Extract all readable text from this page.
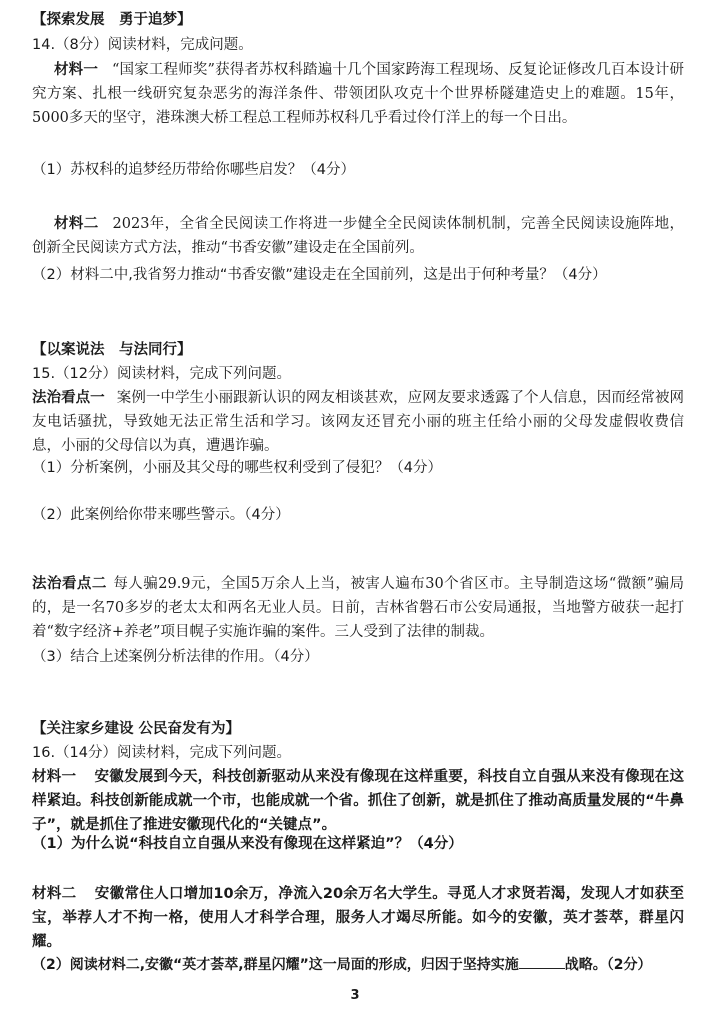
【探索发展　勇于追梦】
14.（8分）阅读材料，完成问题。
材料一 “国家工程师奖”获得者苏权科踏遍十几个国家跨海工程现场、反复论证修改几百本设计研究方案、扎根一线研究复杂恶劣的海洋条件、带领团队攻克十个世界桥隧建造史上的难题。15年，5000多天的坚守，港珠澳大桥工程总工程师苏权科几乎看过伶仃洋上的每一个日出。
（1）苏权科的追梦经历带给你哪些启发？（4分）
材料二 2023年，全省全民阅读工作将进一步健全全民阅读体制机制，完善全民阅读设施阵地，创新全民阅读方式方法，推动“书香安徽”建设走在全国前列。
（2）材料二中,我省努力推动“书香安徽”建设走在全国前列，这是出于何种考量？（4分）
【以案说法　与法同行】
15.（12分）阅读材料，完成下列问题。
法治看点一 案例一中学生小丽跟新认识的网友相谈甚欢，应网友要求透露了个人信息，因而经常被网友电话骚扰，导致她无法正常生活和学习。该网友还冒充小丽的班主任给小丽的父母发虚假收费信息，小丽的父母信以为真，遭遇诈骗。
（1）分析案例，小丽及其父母的哪些权利受到了侵犯？（4分）
（2）此案例给你带来哪些警示。（4分）
法治看点二 每人骗29.9元，全国5万余人上当，被害人遍布30个省区市。主导制造这场“微额”骗局的，是一名70多岁的老太太和两名无业人员。日前，吉林省磐石市公安局通报，当地警方破获一起打着“数字经济+养老”项目幌子实施诈骗的案件。三人受到了法律的制裁。
（3）结合上述案例分析法律的作用。（4分）
【关注家乡建设 公民奋发有为】
16.（14分）阅读材料，完成下列问题。
材料一 安徽发展到今天，科技创新驱动从来没有像现在这样重要，科技自立自强从来没有像现在这样紧迫。科技创新能成就一个市，也能成就一个省。抓住了创新，就是抓住了推动高质量发展的“牛鼻子”，就是抓住了推进安徽现代化的“关键点”。
（1）为什么说“科技自立自强从来没有像现在这样紧迫”？（4分）
材料二 安徽常住人口增加10余万，净流入20余万名大学生。寻觅人才求贤若渴，发现人才如获至宝，举荐人才不拘一格，使用人才科学合理，服务人才竭尽所能。如今的安徽，英才荟萃，群星闪耀。
（2）阅读材料二,安徽“英才荟萃,群星闪耀”这一局面的形成，归因于坚持实施	战略。（2分）
3
